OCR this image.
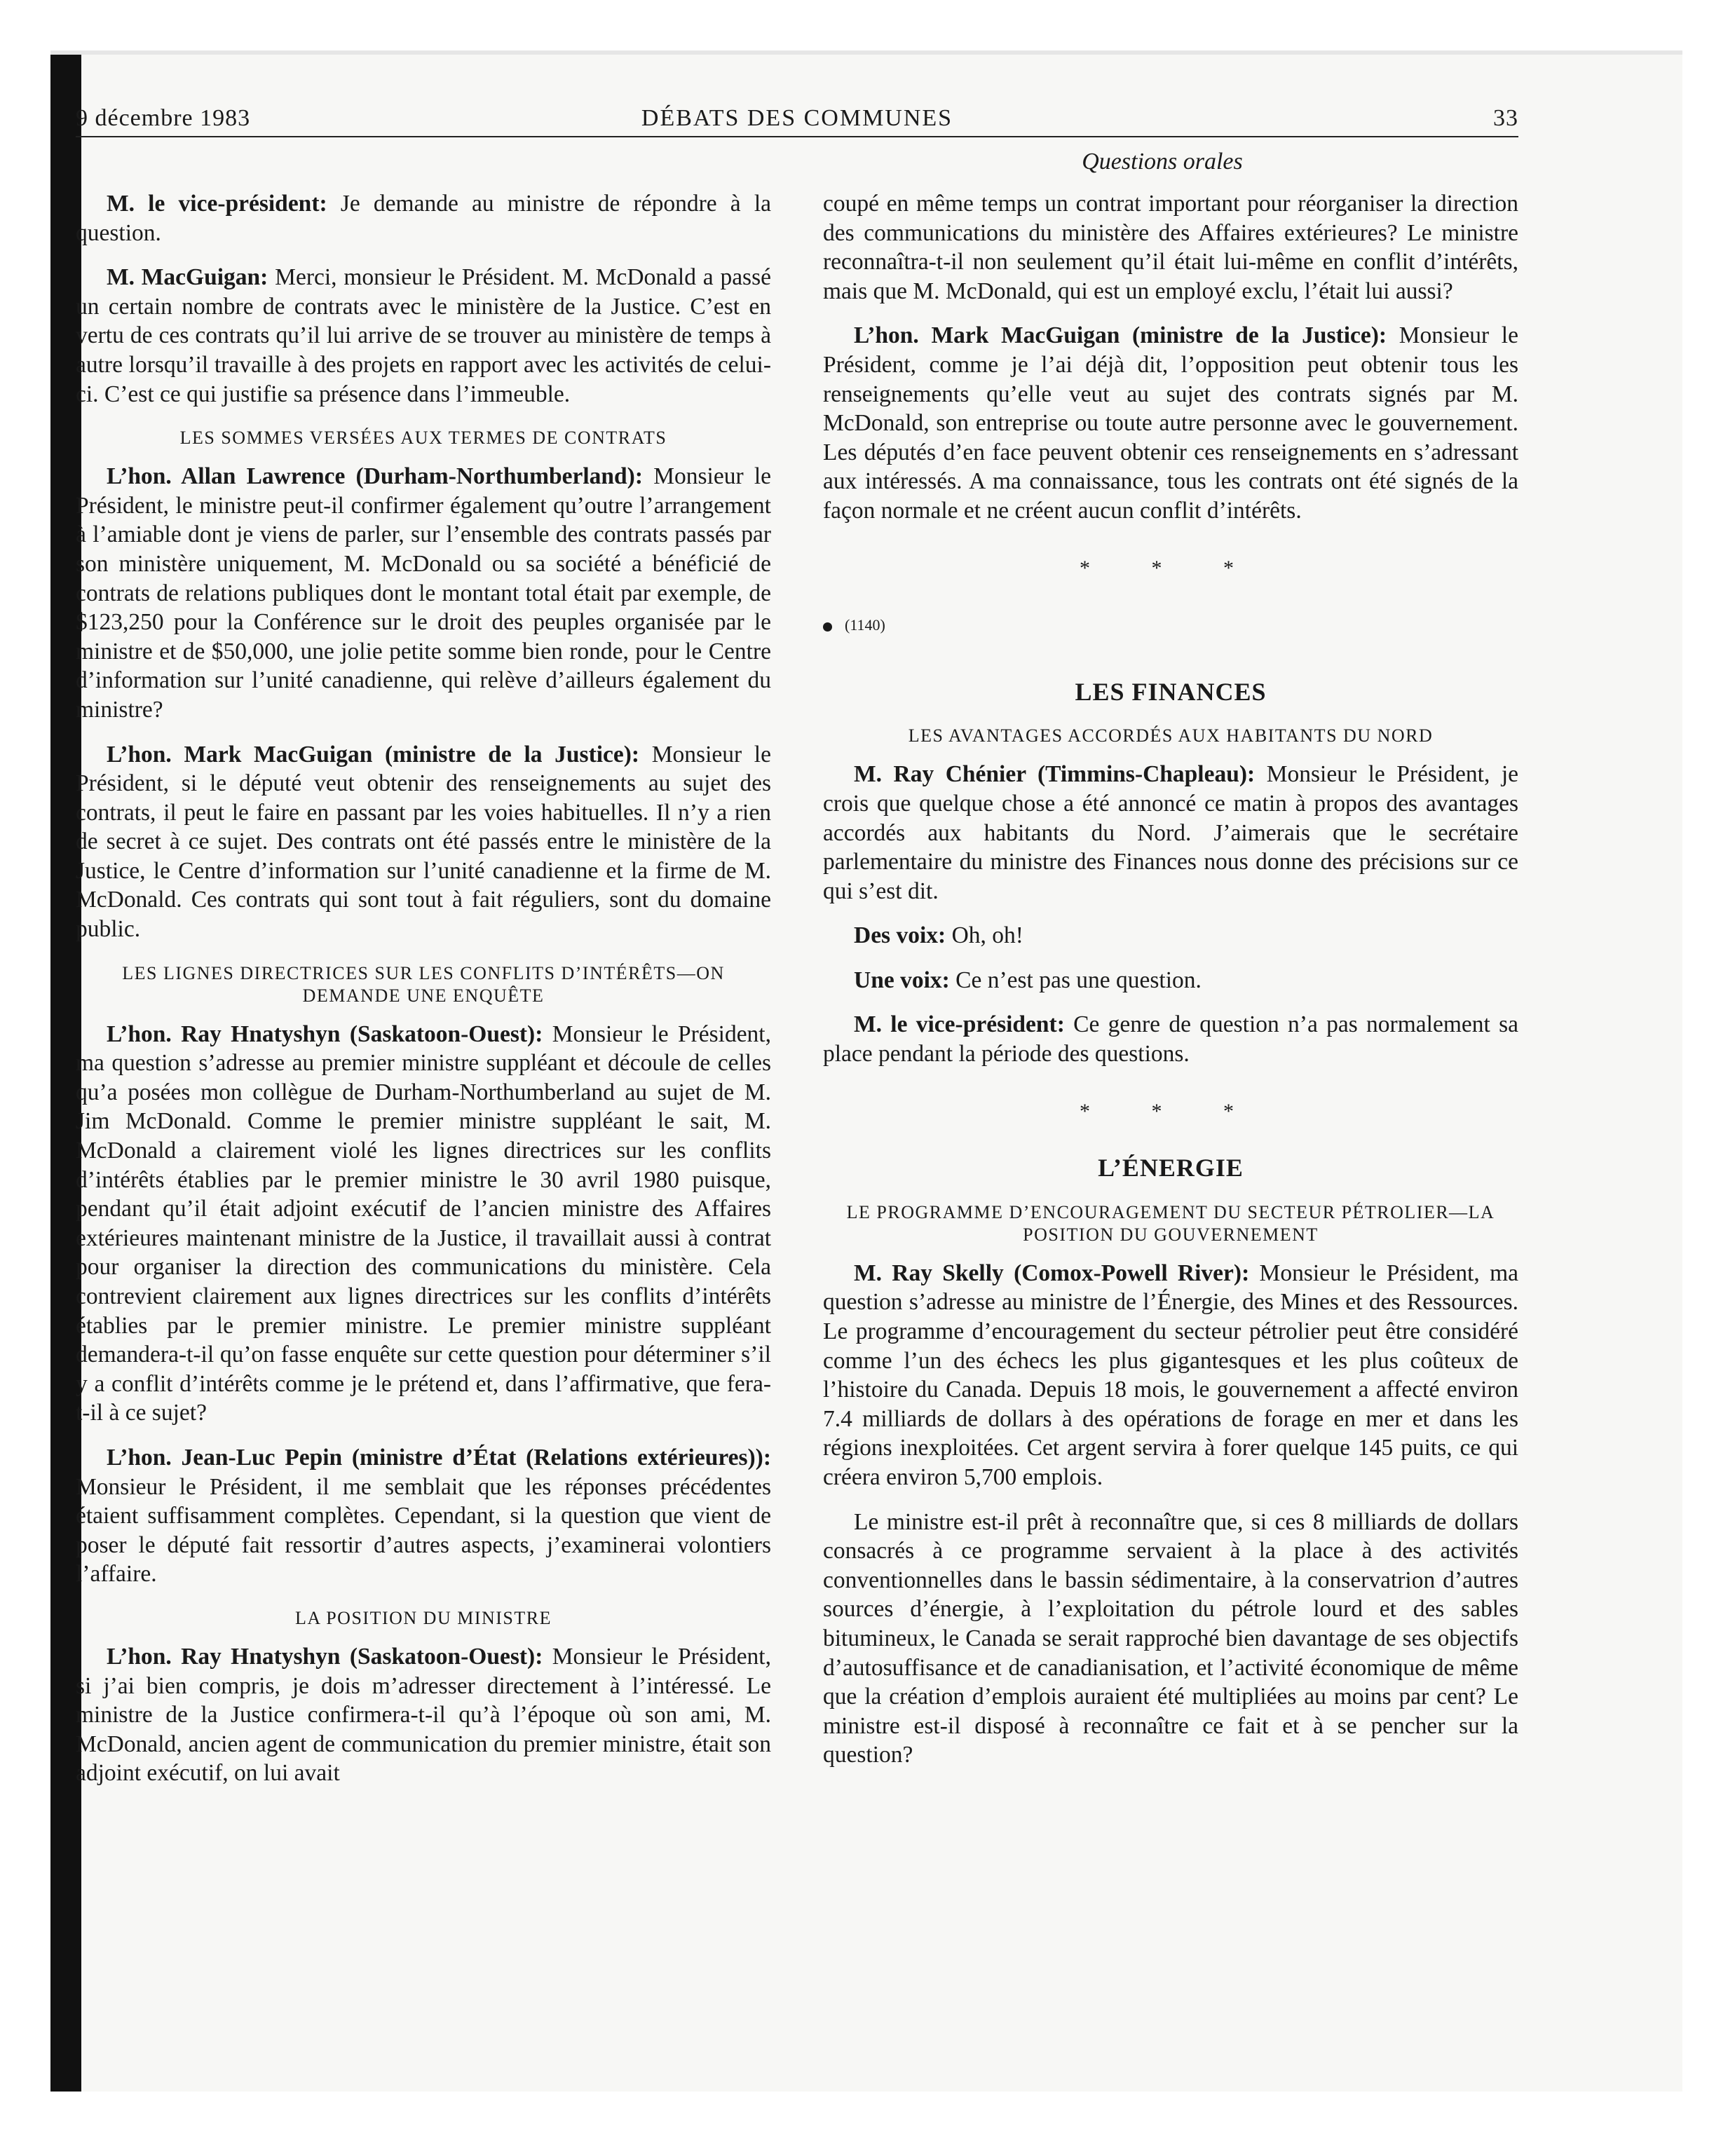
9 décembre 1983	DÉBATS DES COMMUNES	33
Questions orales

M. le vice-président: Je demande au ministre de répondre à la question.

M. MacGuigan: Merci, monsieur le Président. M. McDonald a passé un certain nombre de contrats avec le ministère de la Justice. C’est en vertu de ces contrats qu’il lui arrive de se trouver au ministère de temps à autre lorsqu’il travaille à des projets en rapport avec les activités de celui-ci. C’est ce qui justifie sa présence dans l’immeuble.

LES SOMMES VERSÉES AUX TERMES DE CONTRATS

L’hon. Allan Lawrence (Durham-Northumberland): Monsieur le Président, le ministre peut-il confirmer également qu’outre l’arrangement à l’amiable dont je viens de parler, sur l’ensemble des contrats passés par son ministère uniquement, M. McDonald ou sa société a bénéficié de contrats de relations publiques dont le montant total était par exemple, de $123,250 pour la Conférence sur le droit des peuples organisée par le ministre et de $50,000, une jolie petite somme bien ronde, pour le Centre d’information sur l’unité canadienne, qui relève d’ailleurs également du ministre?

L’hon. Mark MacGuigan (ministre de la Justice): Monsieur le Président, si le député veut obtenir des renseignements au sujet des contrats, il peut le faire en passant par les voies habituelles. Il n’y a rien de secret à ce sujet. Des contrats ont été passés entre le ministère de la Justice, le Centre d’information sur l’unité canadienne et la firme de M. McDonald. Ces contrats qui sont tout à fait réguliers, sont du domaine public.

LES LIGNES DIRECTRICES SUR LES CONFLITS D’INTÉRÊTS—ON DEMANDE UNE ENQUÊTE

L’hon. Ray Hnatyshyn (Saskatoon-Ouest): Monsieur le Président, ma question s’adresse au premier ministre suppléant et découle de celles qu’a posées mon collègue de Durham-Northumberland au sujet de M. Jim McDonald. Comme le premier ministre suppléant le sait, M. McDonald a clairement violé les lignes directrices sur les conflits d’intérêts établies par le premier ministre le 30 avril 1980 puisque, pendant qu’il était adjoint exécutif de l’ancien ministre des Affaires extérieures maintenant ministre de la Justice, il travaillait aussi à contrat pour organiser la direction des communications du ministère. Cela contrevient clairement aux lignes directrices sur les conflits d’intérêts établies par le premier ministre. Le premier ministre suppléant demandera-t-il qu’on fasse enquête sur cette question pour déterminer s’il y a conflit d’intérêts comme je le prétend et, dans l’affirmative, que fera-t-il à ce sujet?

L’hon. Jean-Luc Pepin (ministre d’État (Relations extérieures)): Monsieur le Président, il me semblait que les réponses précédentes étaient suffisamment complètes. Cependant, si la question que vient de poser le député fait ressortir d’autres aspects, j’examinerai volontiers l’affaire.

LA POSITION DU MINISTRE

L’hon. Ray Hnatyshyn (Saskatoon-Ouest): Monsieur le Président, si j’ai bien compris, je dois m’adresser directement à l’intéressé. Le ministre de la Justice confirmera-t-il qu’à l’époque où son ami, M. McDonald, ancien agent de communication du premier ministre, était son adjoint exécutif, on lui avait

coupé en même temps un contrat important pour réorganiser la direction des communications du ministère des Affaires extérieures? Le ministre reconnaîtra-t-il non seulement qu’il était lui-même en conflit d’intérêts, mais que M. McDonald, qui est un employé exclu, l’était lui aussi?

L’hon. Mark MacGuigan (ministre de la Justice): Monsieur le Président, comme je l’ai déjà dit, l’opposition peut obtenir tous les renseignements qu’elle veut au sujet des contrats signés par M. McDonald, son entreprise ou toute autre personne avec le gouvernement. Les députés d’en face peuvent obtenir ces renseignements en s’adressant aux intéressés. A ma connaissance, tous les contrats ont été signés de la façon normale et ne créent aucun conflit d’intérêts.

* * *
(1140)
LES FINANCES
LES AVANTAGES ACCORDÉS AUX HABITANTS DU NORD

M. Ray Chénier (Timmins-Chapleau): Monsieur le Président, je crois que quelque chose a été annoncé ce matin à propos des avantages accordés aux habitants du Nord. J’aimerais que le secrétaire parlementaire du ministre des Finances nous donne des précisions sur ce qui s’est dit.

Des voix: Oh, oh!

Une voix: Ce n’est pas une question.

M. le vice-président: Ce genre de question n’a pas normalement sa place pendant la période des questions.

* * *
L’ÉNERGIE
LE PROGRAMME D’ENCOURAGEMENT DU SECTEUR PÉTROLIER—LA POSITION DU GOUVERNEMENT

M. Ray Skelly (Comox-Powell River): Monsieur le Président, ma question s’adresse au ministre de l’Énergie, des Mines et des Ressources. Le programme d’encouragement du secteur pétrolier peut être considéré comme l’un des échecs les plus gigantesques et les plus coûteux de l’histoire du Canada. Depuis 18 mois, le gouvernement a affecté environ 7.4 milliards de dollars à des opérations de forage en mer et dans les régions inexploitées. Cet argent servira à forer quelque 145 puits, ce qui créera environ 5,700 emplois.

Le ministre est-il prêt à reconnaître que, si ces 8 milliards de dollars consacrés à ce programme servaient à la place à des activités conventionnelles dans le bassin sédimentaire, à la conservatrion d’autres sources d’énergie, à l’exploitation du pétrole lourd et des sables bitumineux, le Canada se serait rapproché bien davantage de ses objectifs d’autosuffisance et de canadianisation, et l’activité économique de même que la création d’emplois auraient été multipliées au moins par cent? Le ministre est-il disposé à reconnaître ce fait et à se pencher sur la question?
